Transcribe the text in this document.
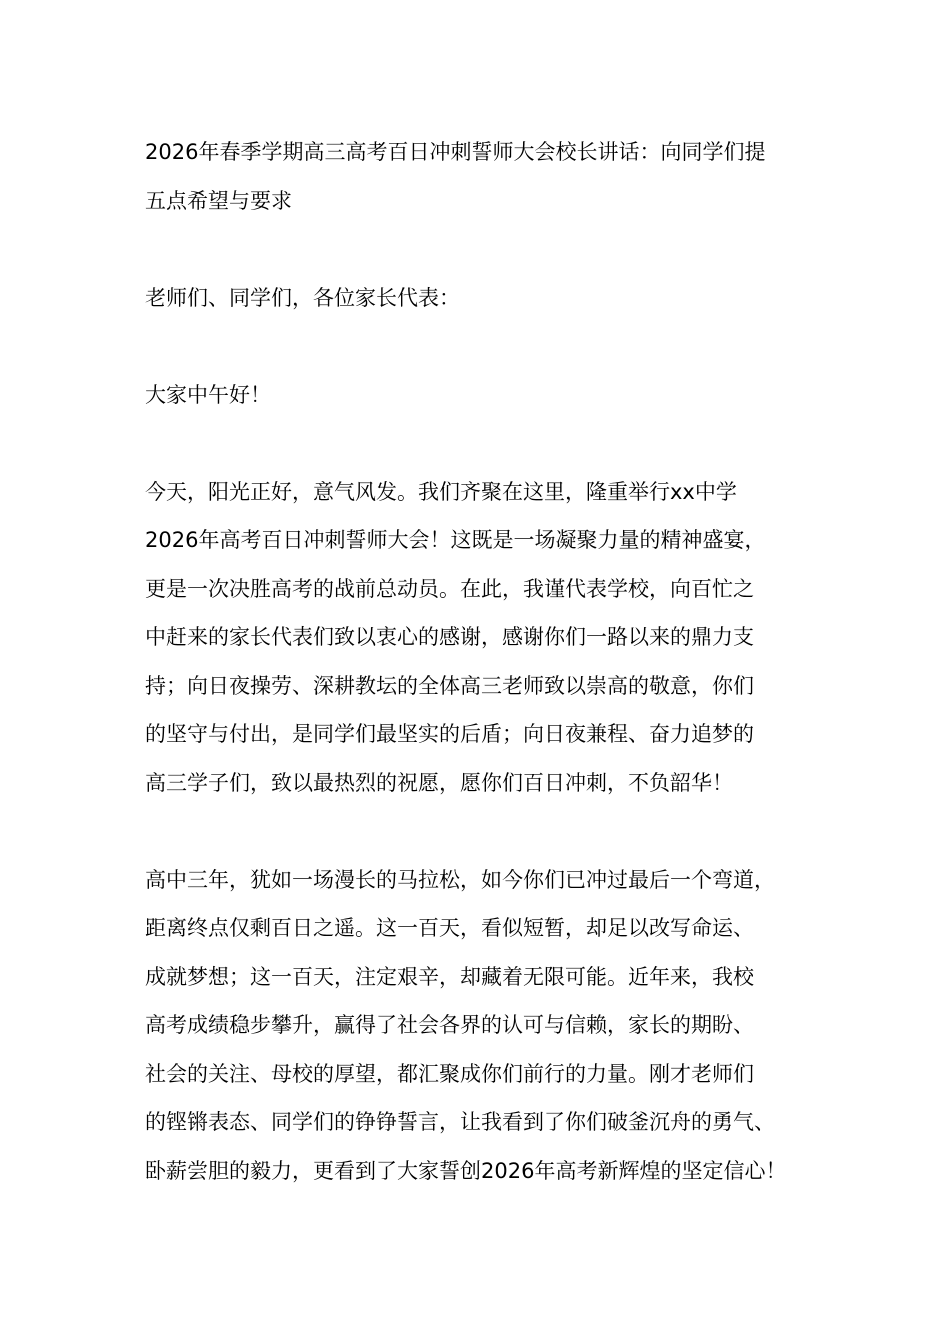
2026年春季学期高三高考百日冲刺誓师大会校长讲话：向同学们提
五点希望与要求
老师们、同学们，各位家长代表：
大家中午好！
今天，阳光正好，意气风发。我们齐聚在这里，隆重举行xx中学
2026年高考百日冲刺誓师大会！这既是一场凝聚力量的精神盛宴，
更是一次决胜高考的战前总动员。在此，我谨代表学校，向百忙之
中赶来的家长代表们致以衷心的感谢，感谢你们一路以来的鼎力支
持；向日夜操劳、深耕教坛的全体高三老师致以崇高的敬意，你们
的坚守与付出，是同学们最坚实的后盾；向日夜兼程、奋力追梦的
高三学子们，致以最热烈的祝愿，愿你们百日冲刺，不负韶华！
高中三年，犹如一场漫长的马拉松，如今你们已冲过最后一个弯道，
距离终点仅剩百日之遥。这一百天，看似短暂，却足以改写命运、
成就梦想；这一百天，注定艰辛，却藏着无限可能。近年来，我校
高考成绩稳步攀升，赢得了社会各界的认可与信赖，家长的期盼、
社会的关注、母校的厚望，都汇聚成你们前行的力量。刚才老师们
的铿锵表态、同学们的铮铮誓言，让我看到了你们破釜沉舟的勇气、
卧薪尝胆的毅力，更看到了大家誓创2026年高考新辉煌的坚定信心！
